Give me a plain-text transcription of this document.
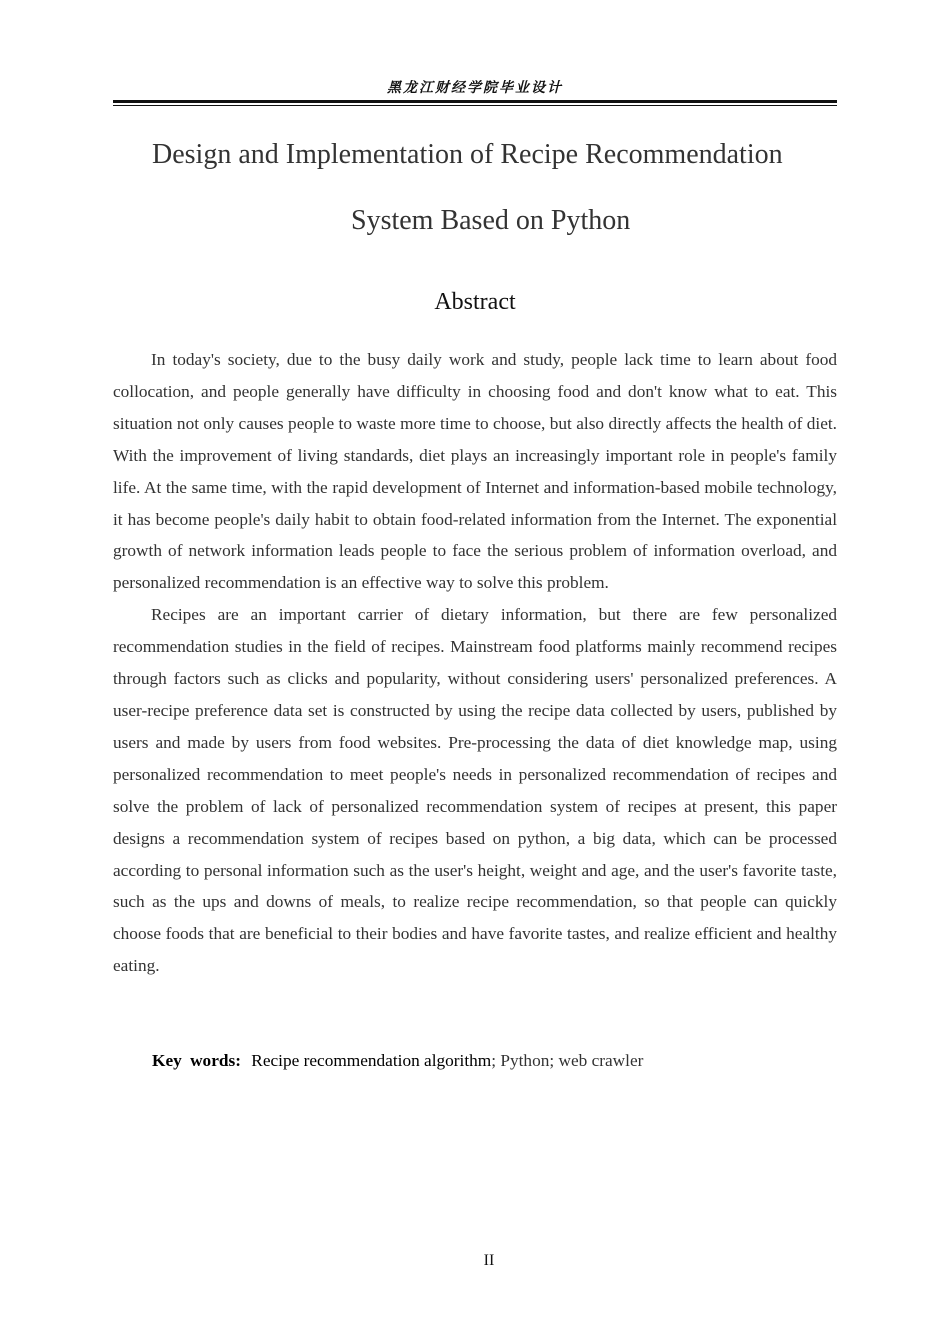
黑龙江财经学院毕业设计
Design and Implementation of Recipe Recommendation
System Based on Python
Abstract

In today's society, due to the busy daily work and study, people lack time to learn about food collocation, and people generally have difficulty in choosing food and don't know what to eat. This situation not only causes people to waste more time to choose, but also directly affects the health of diet. With the improvement of living standards, diet plays an increasingly important role in people's family life. At the same time, with the rapid development of Internet and information-based mobile technology, it has become people's daily habit to obtain food-related information from the Internet. The exponential growth of network information leads people to face the serious problem of information overload, and personalized recommendation is an effective way to solve this problem.

Recipes are an important carrier of dietary information, but there are few personalized recommendation studies in the field of recipes. Mainstream food platforms mainly recommend recipes through factors such as clicks and popularity, without considering users' personalized preferences. A user-recipe preference data set is constructed by using the recipe data collected by users, published by users and made by users from food websites. Pre-processing the data of diet knowledge map, using personalized recommendation to meet people's needs in personalized recommendation of recipes and solve the problem of lack of personalized recommendation system of recipes at present, this paper designs a recommendation system of recipes based on python, a big data, which can be processed according to personal information such as the user's height, weight and age, and the user's favorite taste, such as the ups and downs of meals, to realize recipe recommendation, so that people can quickly choose foods that are beneficial to their bodies and have favorite tastes, and realize efficient and healthy eating.

Key words: Recipe recommendation algorithm; Python; web crawler
II
